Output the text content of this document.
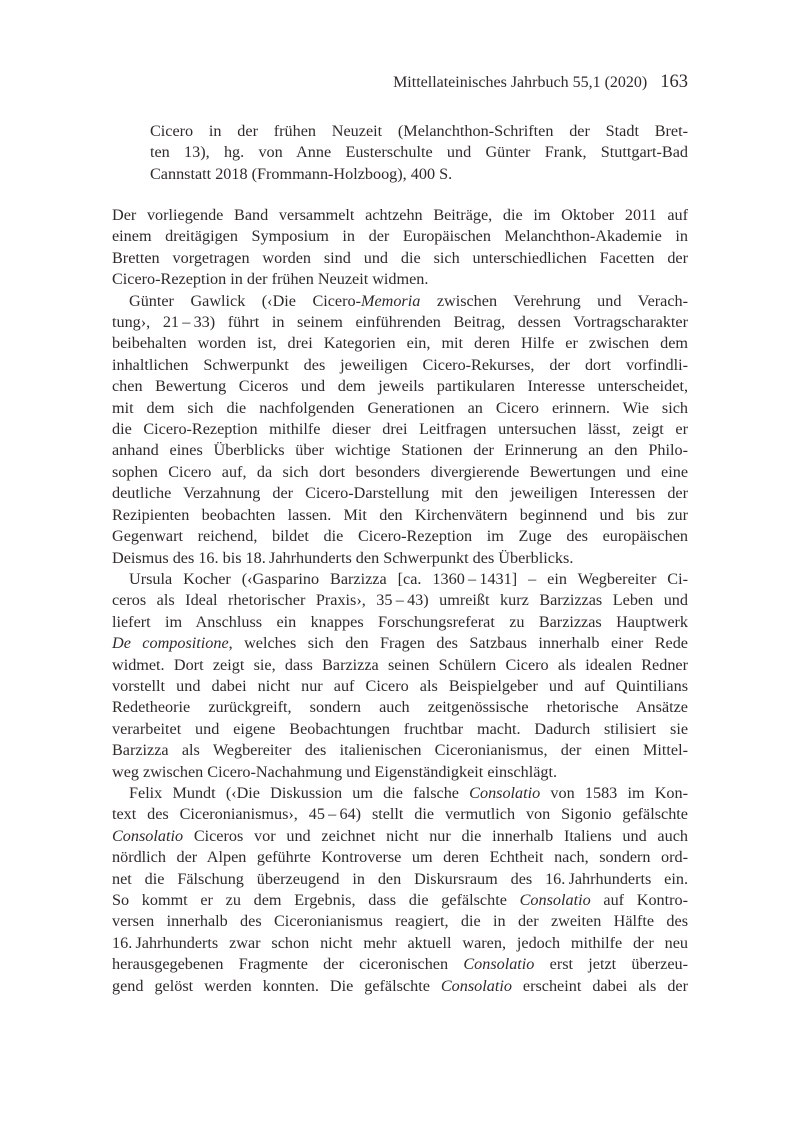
Mittellateinisches Jahrbuch 55,1 (2020) 163
Cicero in der frühen Neuzeit (Melanchthon-Schriften der Stadt Bret-
ten 13), hg. von Anne Eusterschulte und Günter Frank, Stuttgart-Bad
Cannstatt 2018 (Frommann-Holzboog), 400 S.
Der vorliegende Band versammelt achtzehn Beiträge, die im Oktober 2011 auf
einem dreitägigen Symposium in der Europäischen Melanchthon-Akademie in
Bretten vorgetragen worden sind und die sich unterschiedlichen Facetten der
Cicero-Rezeption in der frühen Neuzeit widmen.
Günter Gawlick (‹Die Cicero-Memoria zwischen Verehrung und Verach-
tung›, 21 – 33) führt in seinem einführenden Beitrag, dessen Vortragscharakter
beibehalten worden ist, drei Kategorien ein, mit deren Hilfe er zwischen dem
inhaltlichen Schwerpunkt des jeweiligen Cicero-Rekurses, der dort vorfindli-
chen Bewertung Ciceros und dem jeweils partikularen Interesse unterscheidet,
mit dem sich die nachfolgenden Generationen an Cicero erinnern. Wie sich
die Cicero-Rezeption mithilfe dieser drei Leitfragen untersuchen lässt, zeigt er
anhand eines Überblicks über wichtige Stationen der Erinnerung an den Philo-
sophen Cicero auf, da sich dort besonders divergierende Bewertungen und eine
deutliche Verzahnung der Cicero-Darstellung mit den jeweiligen Interessen der
Rezipienten beobachten lassen. Mit den Kirchenvätern beginnend und bis zur
Gegenwart reichend, bildet die Cicero-Rezeption im Zuge des europäischen
Deismus des 16. bis 18. Jahrhunderts den Schwerpunkt des Überblicks.
Ursula Kocher (‹Gasparino Barzizza [ca. 1360 – 1431] – ein Wegbereiter Ci-
ceros als Ideal rhetorischer Praxis›, 35 – 43) umreißt kurz Barzizzas Leben und
liefert im Anschluss ein knappes Forschungsreferat zu Barzizzas Hauptwerk
De compositione, welches sich den Fragen des Satzbaus innerhalb einer Rede
widmet. Dort zeigt sie, dass Barzizza seinen Schülern Cicero als idealen Redner
vorstellt und dabei nicht nur auf Cicero als Beispielgeber und auf Quintilians
Redetheorie zurückgreift, sondern auch zeitgenössische rhetorische Ansätze
verarbeitet und eigene Beobachtungen fruchtbar macht. Dadurch stilisiert sie
Barzizza als Wegbereiter des italienischen Ciceronianismus, der einen Mittel-
weg zwischen Cicero-Nachahmung und Eigenständigkeit einschlägt.
Felix Mundt (‹Die Diskussion um die falsche Consolatio von 1583 im Kon-
text des Ciceronianismus›, 45 – 64) stellt die vermutlich von Sigonio gefälschte
Consolatio Ciceros vor und zeichnet nicht nur die innerhalb Italiens und auch
nördlich der Alpen geführte Kontroverse um deren Echtheit nach, sondern ord-
net die Fälschung überzeugend in den Diskursraum des 16. Jahrhunderts ein.
So kommt er zu dem Ergebnis, dass die gefälschte Consolatio auf Kontro-
versen innerhalb des Ciceronianismus reagiert, die in der zweiten Hälfte des
16. Jahrhunderts zwar schon nicht mehr aktuell waren, jedoch mithilfe der neu
herausgegebenen Fragmente der ciceronischen Consolatio erst jetzt überzeu-
gend gelöst werden konnten. Die gefälschte Consolatio erscheint dabei als der
